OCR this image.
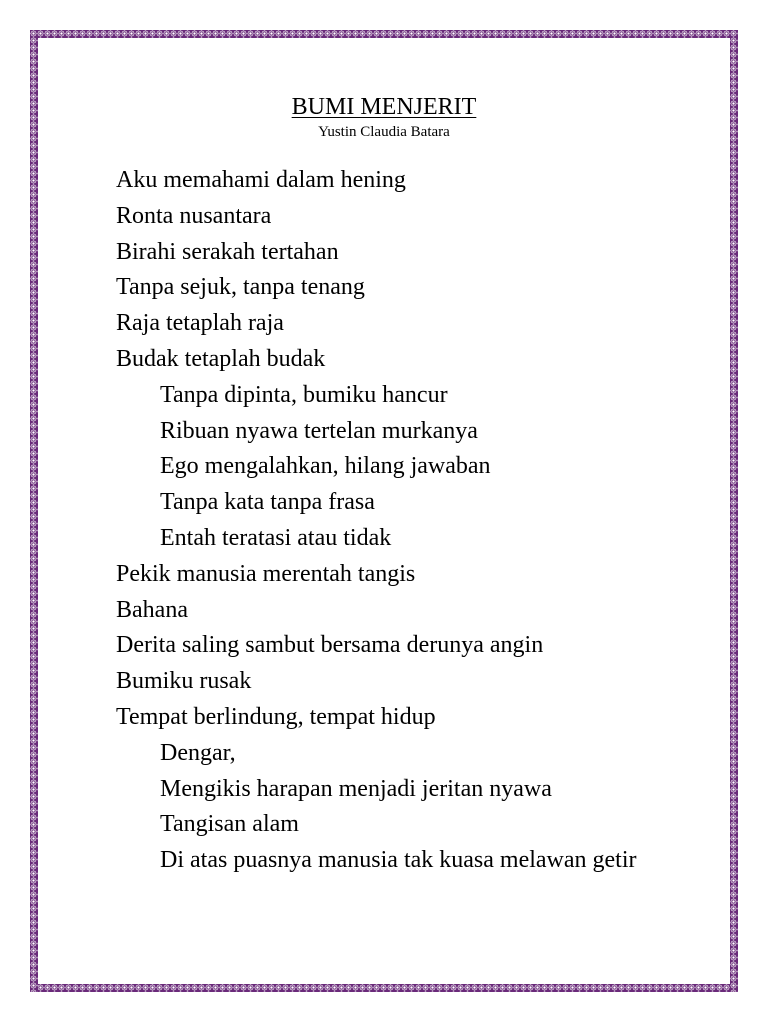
BUMI MENJERIT
Yustin Claudia Batara
Aku memahami dalam hening
Ronta nusantara
Birahi serakah tertahan
Tanpa sejuk, tanpa tenang
Raja tetaplah raja
Budak tetaplah budak
Tanpa dipinta, bumiku hancur
Ribuan nyawa tertelan murkanya
Ego mengalahkan, hilang jawaban
Tanpa kata tanpa frasa
Entah teratasi atau tidak
Pekik manusia merentah tangis
Bahana
Derita saling sambut bersama derunya angin
Bumiku rusak
Tempat berlindung, tempat hidup
Dengar,
Mengikis harapan menjadi jeritan nyawa
Tangisan alam
Di atas puasnya manusia tak kuasa melawan getir
